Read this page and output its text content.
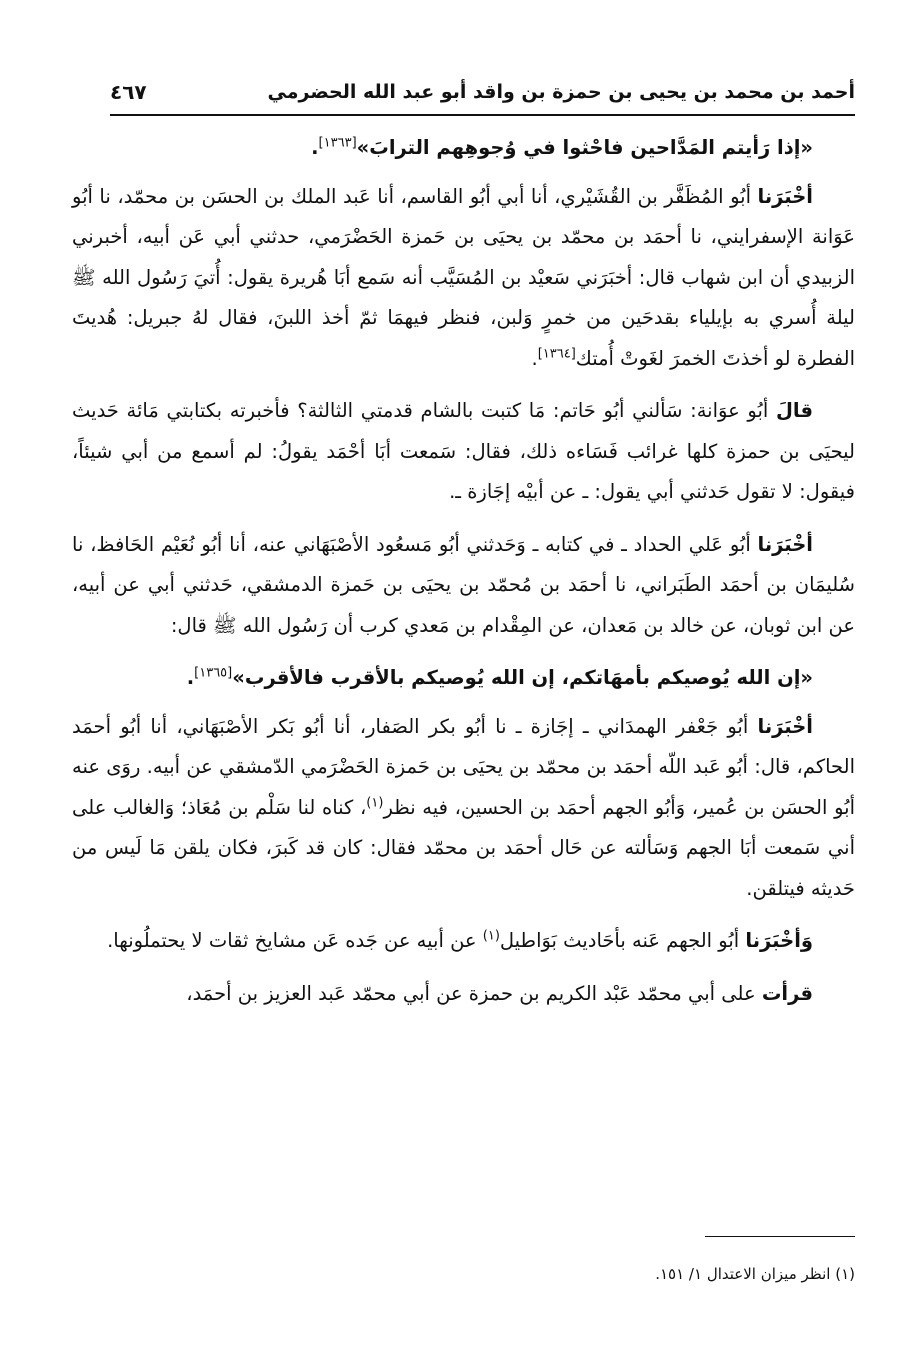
أحمد بن محمد بن يحيى بن حمزة بن واقد أبو عبد الله الحضرمي
٤٦٧

«إذا رَأيتم المَدَّاحين فاحْثوا في وُجوهِهم الترابَ»[١٣٦٣].

أخْبَرَنا أبُو المُظَفَّر بن القُشَيْري، أنا أبي أبُو القاسم، أنا عَبد الملك بن الحسَن بن محمّد، نا أبُو عَوَانة الإسفرايني، نا أحمَد بن محمّد بن يحيَى بن حَمزة الحَضْرَمي، حدثني أبي عَن أبيه، أخبرني الزبيدي أن ابن شهاب قال: أخبَرَني سَعيْد بن المُسَيَّب أنه سَمع أبَا هُريرة يقول: أُتيَ رَسُول الله ﷺ ليلة أُسري به بإيلياء بقدحَين من خمرٍ وَلبن، فنظر فيهمَا ثمّ أخذ اللبنَ، فقال لهُ جبريل: هُديتَ الفطرة لو أخذتَ الخمرَ لغَوتْ أُمتك[١٣٦٤].

قالَ أبُو عوَانة: سَألني أبُو حَاتم: مَا كتبت بالشام قدمتي الثالثة؟ فأخبرته بكتابتي مَائة حَديث ليحيَى بن حمزة كلها غرائب فَسَاءه ذلك، فقال: سَمعت أبَا أحْمَد يقولُ: لم أسمع من أبي شيئاً، فيقول: لا تقول حَدثني أبي يقول: ـ عن أبيْه إجَازة ـ.

أخْبَرَنا أبُو عَلي الحداد ـ في كتابه ـ وَحَدثني أبُو مَسعُود الأصْبَهَاني عنه، أنا أبُو نُعَيْم الحَافظ، نا سُليمَان بن أحمَد الطَبَراني، نا أحمَد بن مُحمّد بن يحيَى بن حَمزة الدمشقي، حَدثني أبي عن أبيه، عن ابن ثوبان، عن خالد بن مَعدان، عن المِقْدام بن مَعدي كرب أن رَسُول الله ﷺ قال:

«إن الله يُوصيكم بأمهَاتكم، إن الله يُوصيكم بالأقرب فالأقرب»[١٣٦٥].

أخْبَرَنا أبُو جَعْفر الهمدَاني ـ إجَازة ـ نا أبُو بكر الصَفار، أنا أبُو بَكر الأصْبَهَاني، أنا أبُو أحمَد الحاكم، قال: أبُو عَبد اللّه أحمَد بن محمّد بن يحيَى بن حَمزة الحَضْرَمي الدّمشقي عن أبيه. روَى عنه أبُو الحسَن بن عُمير، وَأبُو الجهم أحمَد بن الحسين، فيه نظر$^{(١)}$، كناه لنا سَلْم بن مُعَاذ؛ وَالغالب على أني سَمعت أبَا الجهم وَسَألته عن حَال أحمَد بن محمّد فقال: كان قد كَبرَ، فكان يلقن مَا لَيس من حَديثه فيتلقن.

وَأخْبَرَنا أبُو الجهم عَنه بأحَاديث بَوَاطيل$^{(١)}$ عن أبيه عن جَده عَن مشايخ ثقات لا يحتملُونها.

قرأت على أبي محمّد عَبْد الكريم بن حمزة عن أبي محمّد عَبد العزيز بن أحمَد،

(١) انظر ميزان الاعتدال ١/ ١٥١.
